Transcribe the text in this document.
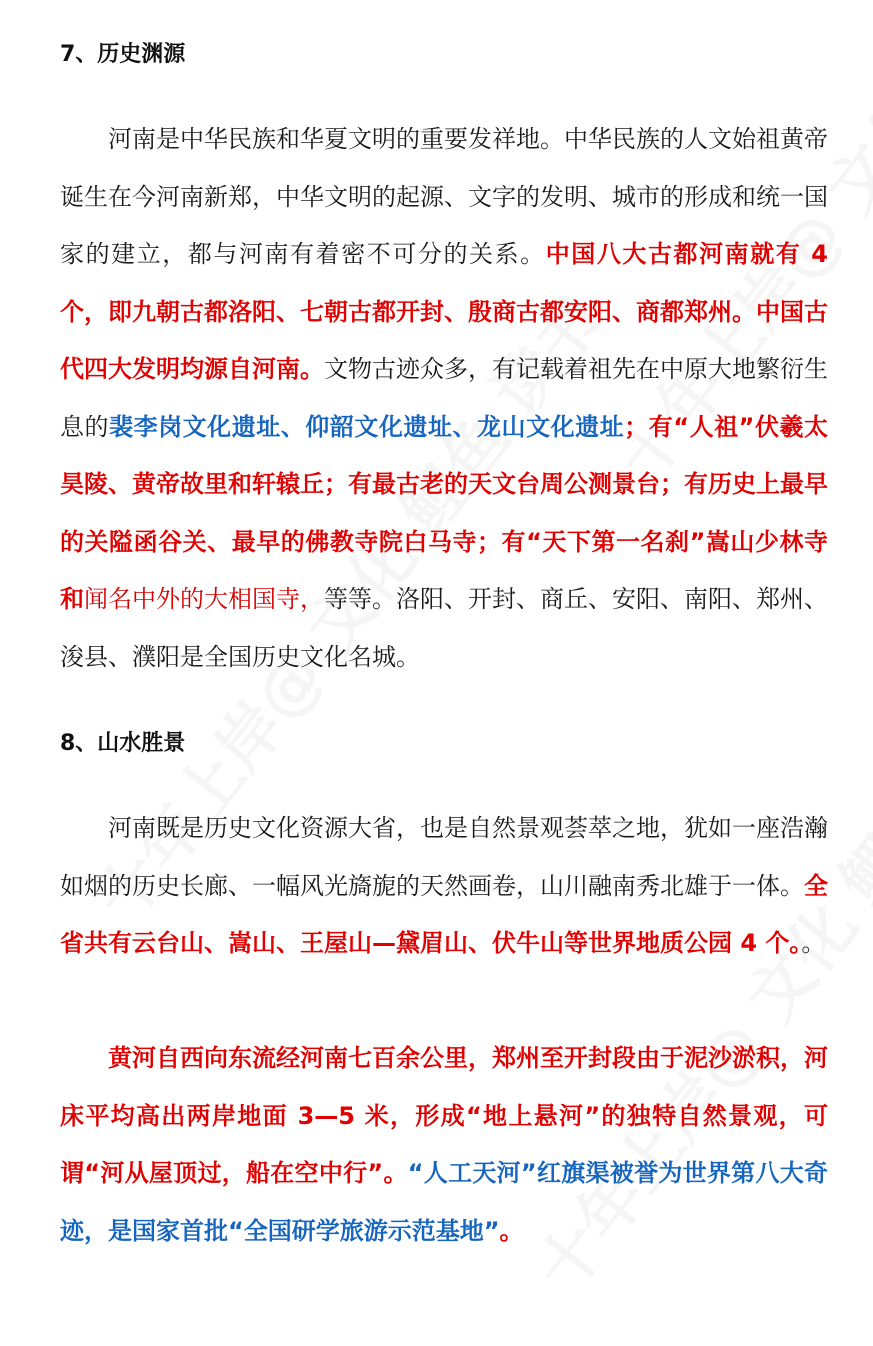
7、历史渊源

河南是中华民族和华夏文明的重要发祥地。中华民族的人文始祖黄帝诞生在今河南新郑，中华文明的起源、文字的发明、城市的形成和统一国家的建立，都与河南有着密不可分的关系。中国八大古都河南就有 4 个，即九朝古都洛阳、七朝古都开封、殷商古都安阳、商都郑州。中国古代四大发明均源自河南。文物古迹众多，有记载着祖先在中原大地繁衍生息的裴李岗文化遗址、仰韶文化遗址、龙山文化遗址；有“人祖”伏羲太昊陵、黄帝故里和轩辕丘；有最古老的天文台周公测景台；有历史上最早的关隘函谷关、最早的佛教寺院白马寺；有“天下第一名刹”嵩山少林寺和闻名中外的大相国寺，等等。洛阳、开封、商丘、安阳、南阳、郑州、浚县、濮阳是全国历史文化名城。

8、山水胜景

河南既是历史文化资源大省，也是自然景观荟萃之地，犹如一座浩瀚如烟的历史长廊、一幅风光旖旎的天然画卷，山川融南秀北雄于一体。全省共有云台山、嵩山、王屋山—黛眉山、伏牛山等世界地质公园 4 个。。

黄河自西向东流经河南七百余公里，郑州至开封段由于泥沙淤积，河床平均高出两岸地面 3—5 米，形成“地上悬河”的独特自然景观，可谓“河从屋顶过，船在空中行”。“人工天河”红旗渠被誉为世界第八大奇迹，是国家首批“全国研学旅游示范基地”。
